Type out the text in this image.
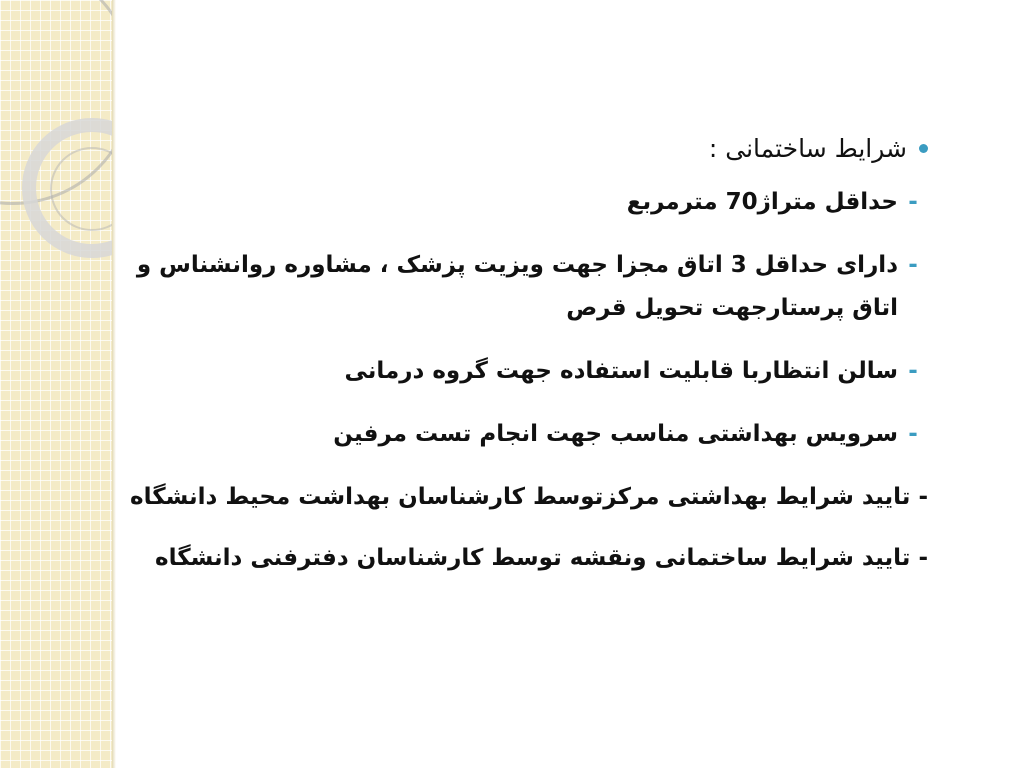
شرایط ساختمانی :
-
حداقل متراژ70 مترمربع
-
دارای حداقل 3 اتاق مجزا جهت ویزیت پزشک ، مشاوره روانشناس و اتاق پرستارجهت تحویل قرص
-
سالن انتظاربا قابلیت استفاده جهت گروه درمانی
-
سرویس بهداشتی مناسب جهت انجام تست مرفین
- تایید شرایط بهداشتی مرکزتوسط کارشناسان بهداشت محیط دانشگاه
- تایید شرایط ساختمانی ونقشه توسط کارشناسان دفترفنی دانشگاه
